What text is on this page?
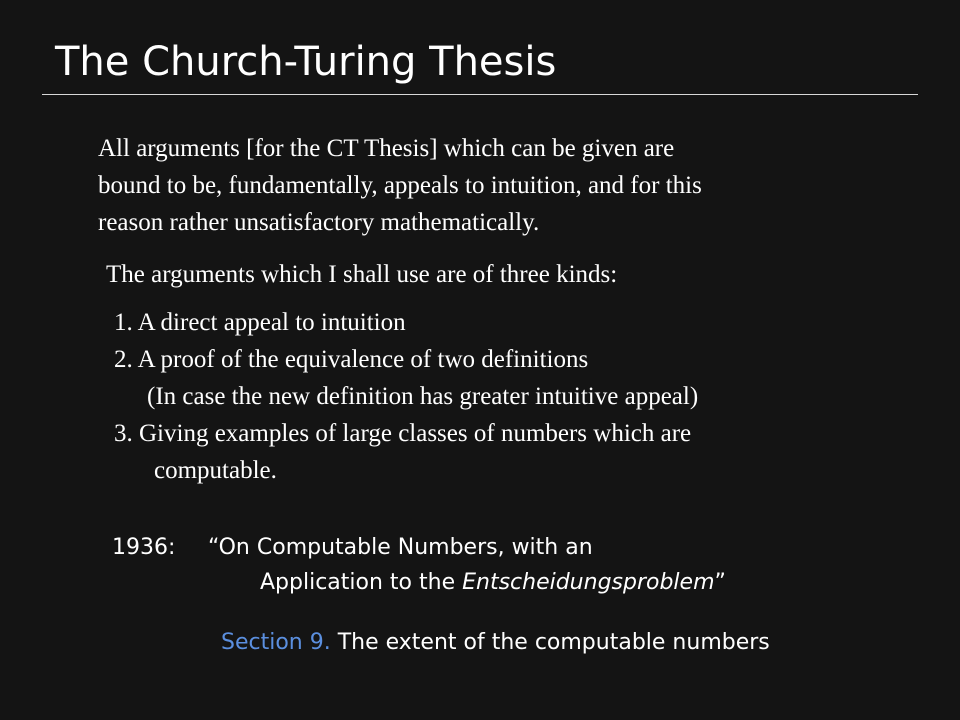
The Church-Turing Thesis
All arguments [for the CT Thesis] which can be given are
bound to be, fundamentally, appeals to intuition, and for this
reason rather unsatisfactory mathematically.
The arguments which I shall use are of three kinds:
1. A direct appeal to intuition
2. A proof of the equivalence of two definitions
(In case the new definition has greater intuitive appeal)
3. Giving examples of large classes of numbers which are
computable.
1936: “On Computable Numbers, with an
Application to the Entscheidungsproblem”
Section 9. The extent of the computable numbers
